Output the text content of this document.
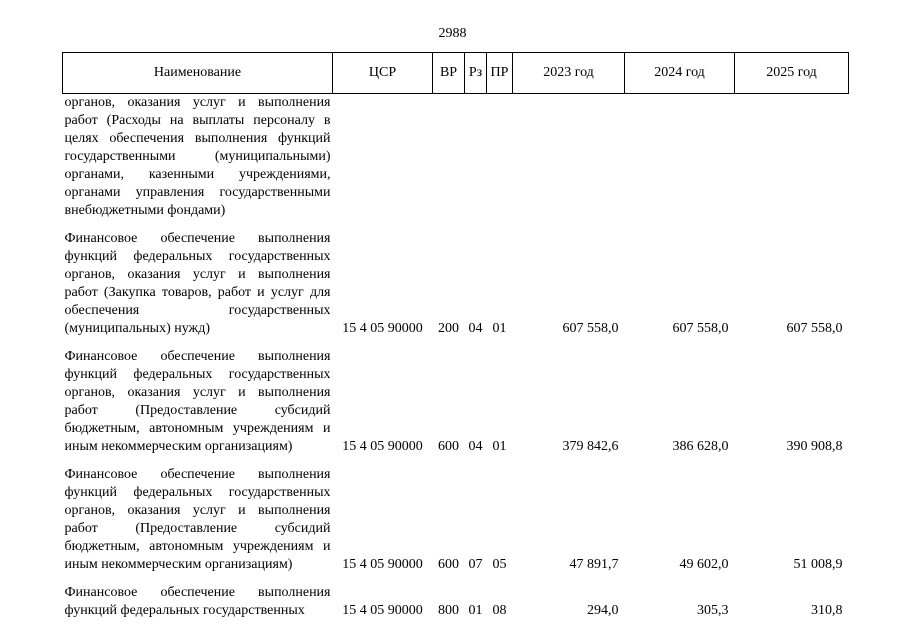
2988
Наименование	ЦСР	ВР	Рз	ПР	2023 год	2024 год	2025 год
органов, оказания услуг и выполнения работ (Расходы на выплаты персоналу в целях обеспечения выполнения функций государственными (муниципальными) органами, казенными учреждениями, органами управления государственными внебюджетными фондами)							

Финансовое обеспечение выполнения функций федеральных государственных органов, оказания услуг и выполнения работ (Закупка товаров, работ и услуг для обеспечения государственных (муниципальных) нужд)	15 4 05 90000	200	04	01	607 558,0	607 558,0	607 558,0

Финансовое обеспечение выполнения функций федеральных государственных органов, оказания услуг и выполнения работ (Предоставление субсидий бюджетным, автономным учреждениям и иным некоммерческим организациям)	15 4 05 90000	600	04	01	379 842,6	386 628,0	390 908,8

Финансовое обеспечение выполнения функций федеральных государственных органов, оказания услуг и выполнения работ (Предоставление субсидий бюджетным, автономным учреждениям и иным некоммерческим организациям)	15 4 05 90000	600	07	05	47 891,7	49 602,0	51 008,9

Финансовое обеспечение выполнения функций федеральных государственных	15 4 05 90000	800	01	08	294,0	305,3	310,8
